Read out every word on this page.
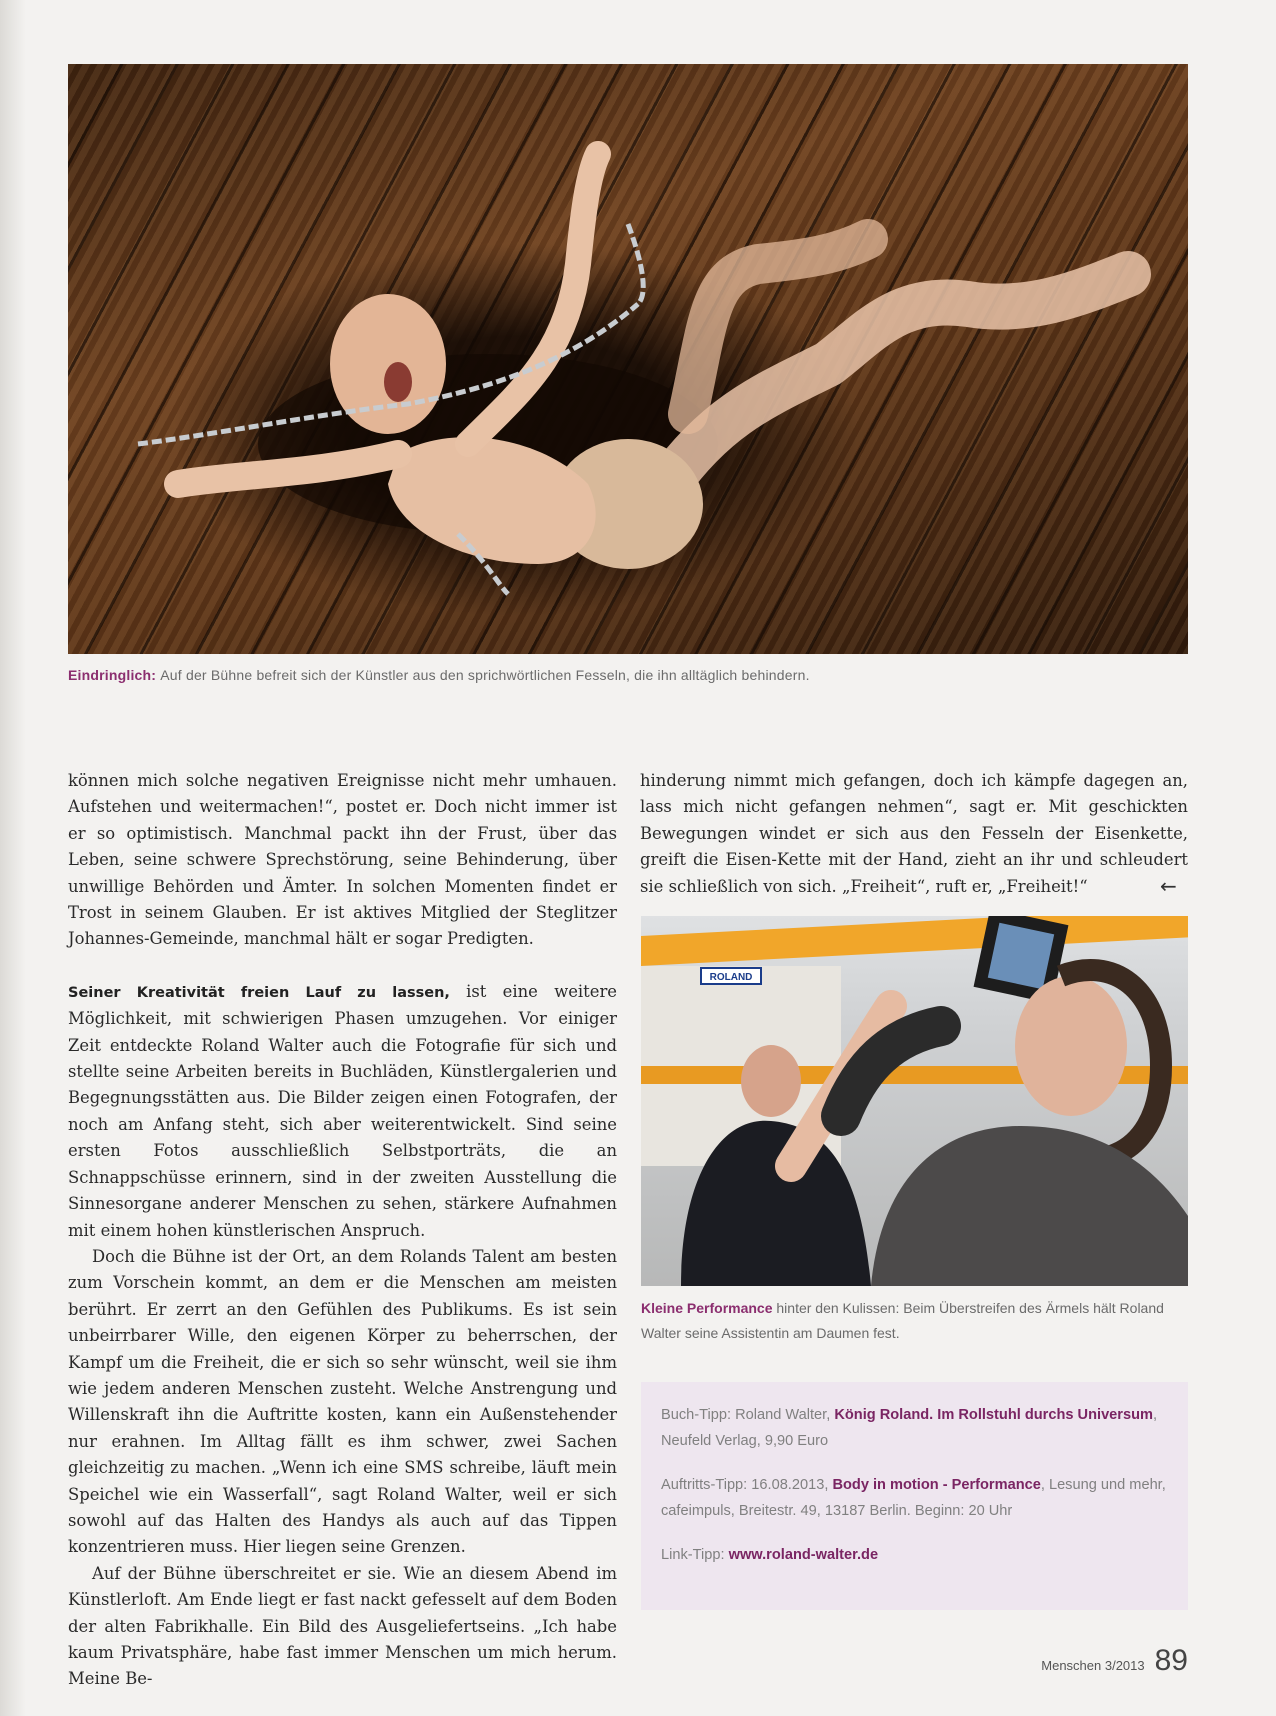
Eindringlich: Auf der Bühne befreit sich der Künstler aus den sprichwörtlichen Fesseln, die ihn alltäglich behindern.

können mich solche negativen Ereignisse nicht mehr umhauen. Aufstehen und weitermachen!“, postet er. Doch nicht immer ist er so optimistisch. Manchmal packt ihn der Frust, über das Leben, seine schwere Sprechstörung, seine Behinderung, über unwillige Behörden und Ämter. In solchen Momenten findet er Trost in seinem Glauben. Er ist aktives Mitglied der Steglitzer Johannes-Gemeinde, manchmal hält er sogar Predigten.

Seiner Kreativität freien Lauf zu lassen, ist eine weitere Möglichkeit, mit schwierigen Phasen umzugehen. Vor einiger Zeit entdeckte Roland Walter auch die Fotografie für sich und stellte seine Arbeiten bereits in Buchläden, Künstlergalerien und Begegnungsstätten aus. Die Bilder zeigen einen Fotografen, der noch am Anfang steht, sich aber weiterentwickelt. Sind seine ersten Fotos ausschließlich Selbstporträts, die an Schnappschüsse erinnern, sind in der zweiten Ausstellung die Sinnesorgane anderer Menschen zu sehen, stärkere Aufnahmen mit einem hohen künstlerischen Anspruch.

Doch die Bühne ist der Ort, an dem Rolands Talent am besten zum Vorschein kommt, an dem er die Menschen am meisten berührt. Er zerrt an den Gefühlen des Publikums. Es ist sein unbeirrbarer Wille, den eigenen Körper zu beherrschen, der Kampf um die Freiheit, die er sich so sehr wünscht, weil sie ihm wie jedem anderen Menschen zusteht. Welche Anstrengung und Willenskraft ihn die Auftritte kosten, kann ein Außenstehender nur erahnen. Im Alltag fällt es ihm schwer, zwei Sachen gleichzeitig zu machen. „Wenn ich eine SMS schreibe, läuft mein Speichel wie ein Wasserfall“, sagt Roland Walter, weil er sich sowohl auf das Halten des Handys als auch auf das Tippen konzentrieren muss. Hier liegen seine Grenzen.

Auf der Bühne überschreitet er sie. Wie an diesem Abend im Künstlerloft. Am Ende liegt er fast nackt gefesselt auf dem Boden der alten Fabrikhalle. Ein Bild des Ausgeliefertseins. „Ich habe kaum Privatsphäre, habe fast immer Menschen um mich herum. Meine Be-

hinderung nimmt mich gefangen, doch ich kämpfe dagegen an, lass mich nicht gefangen nehmen“, sagt er. Mit geschickten Bewegungen windet er sich aus den Fesseln der Eisenkette, greift die Eisen-Kette mit der Hand, zieht an ihr und schleudert sie schließlich von sich. „Freiheit“, ruft er, „Freiheit!“	←
ROLAND
Kleine Performance hinter den Kulissen: Beim Überstreifen des Ärmels hält Roland Walter seine Assistentin am Daumen fest.

Buch-Tipp: Roland Walter, König Roland. Im Rollstuhl durchs Universum, Neufeld Verlag, 9,90 Euro

Auftritts-Tipp: 16.08.2013, Body in motion - Performance, Lesung und mehr, cafeimpuls, Breitestr. 49, 13187 Berlin. Beginn: 20 Uhr

Link-Tipp: www.roland-walter.de

Menschen 3/2013 89
